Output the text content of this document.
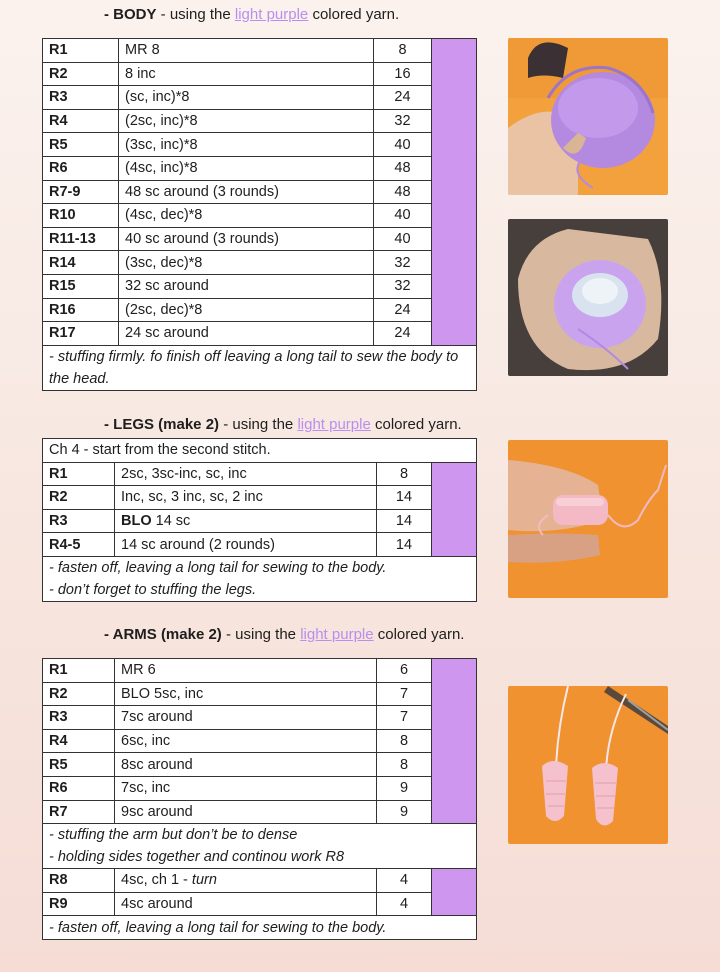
- BODY - using the light purple colored yarn.
R1	MR 8	8	
R2	8 inc	16	
R3	(sc, inc)*8	24	
R4	(2sc, inc)*8	32	
R5	(3sc, inc)*8	40	
R6	(4sc, inc)*8	48	
R7-9	48 sc around (3 rounds)	48	
R10	(4sc, dec)*8	40	
R11-13	40 sc around (3 rounds)	40	
R14	(3sc, dec)*8	32	
R15	32 sc around	32	
R16	(2sc, dec)*8	24	
R17	24 sc around	24	
- stuffing firmly. fo finish off leaving a long tail to sew the body to the head.			
- LEGS (make 2) - using the light purple colored yarn.
Ch 4 - start from the second stitch.			
R1	2sc, 3sc-inc, sc, inc	8	
R2	Inc, sc, 3 inc, sc, 2 inc	14	
R3	BLO 14 sc	14	
R4-5	14 sc around (2 rounds)	14	

- fasten off, leaving a long tail for sewing to the body.
- don’t forget to stuffing the legs.			
- ARMS (make 2) - using the light purple colored yarn.
R1	MR 6	6	
R2	BLO 5sc, inc	7	
R3	7sc around	7	
R4	6sc, inc	8	
R5	8sc around	8	
R6	7sc, inc	9	
R7	9sc around	9	

- stuffing the arm but don’t be to dense
- holding sides together and continou work R8			

R8	4sc, ch 1 - turn	4	
R9	4sc around	4	
- fasten off, leaving a long tail for sewing to the body.			
